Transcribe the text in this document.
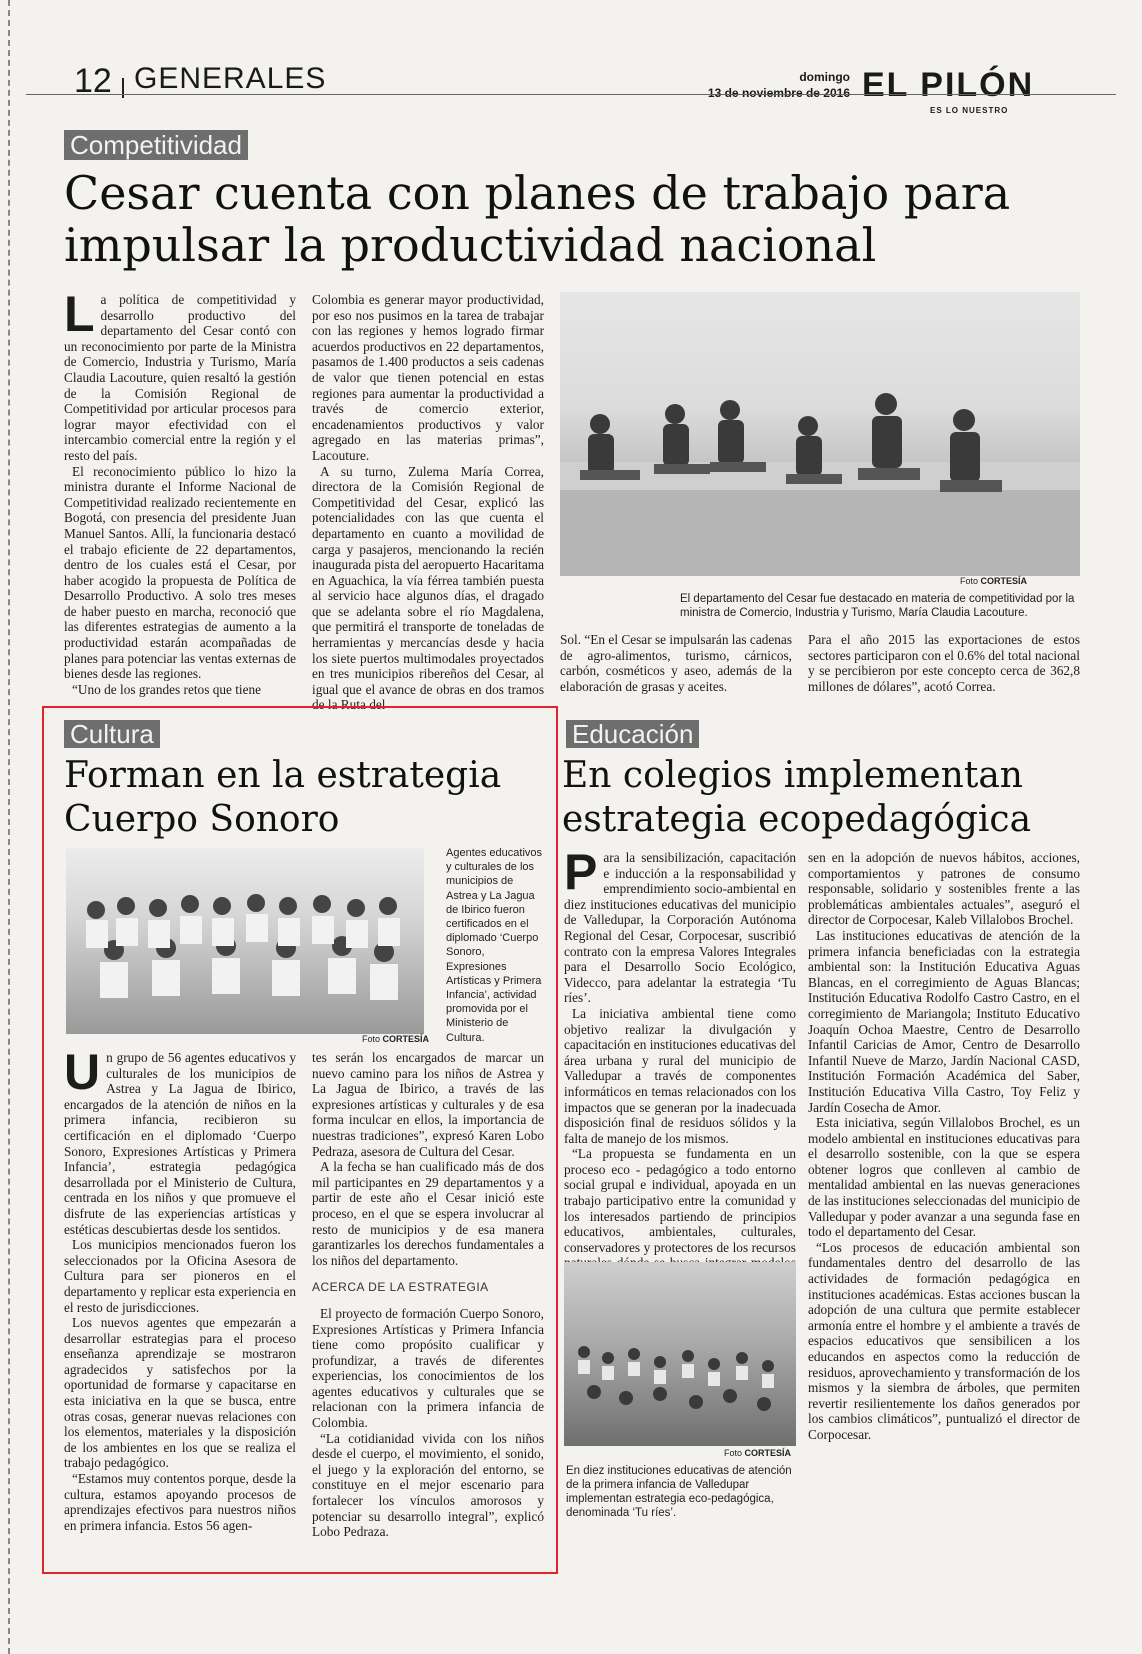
12 GENERALES	domingo
13 de noviembre de 2016 EL PILÓN
ES LO NUESTRO
Competitividad
Cesar cuenta con planes de trabajo para impulsar la productividad nacional
L a política de competitividad y desarrollo productivo del departamento del Cesar contó con un reconocimiento por parte de la Ministra de Comercio, Industria y Turismo, María Claudia Lacouture, quien resaltó la gestión de la Comisión Regional de Competitividad por articular procesos para lograr mayor efectividad con el intercambio comercial entre la región y el resto del país.

El reconocimiento público lo hizo la ministra durante el Informe Nacional de Competitividad realizado recientemente en Bogotá, con presencia del presidente Juan Manuel Santos. Allí, la funcionaria destacó el trabajo eficiente de 22 departamentos, dentro de los cuales está el Cesar, por haber acogido la propuesta de Política de Desarrollo Productivo. A solo tres meses de haber puesto en marcha, reconoció que las diferentes estrategias de aumento a la productividad estarán acompañadas de planes para potenciar las ventas externas de bienes desde las regiones.

“Uno de los grandes retos que tiene

Colombia es generar mayor productividad, por eso nos pusimos en la tarea de trabajar con las regiones y hemos logrado firmar acuerdos productivos en 22 departamentos, pasamos de 1.400 productos a seis cadenas de valor que tienen potencial en estas regiones para aumentar la productividad a través de comercio exterior, encadenamientos productivos y valor agregado en las materias primas”, Lacouture.

A su turno, Zulema María Correa, directora de la Comisión Regional de Competitividad del Cesar, explicó las potencialidades con las que cuenta el departamento en cuanto a movilidad de carga y pasajeros, mencionando la recién inaugurada pista del aeropuerto Hacaritama en Aguachica, la vía férrea también puesta al servicio hace algunos días, el dragado que se adelanta sobre el río Magdalena, que permitirá el transporte de toneladas de herramientas y mercancías desde y hacia los siete puertos multimodales proyectados en tres municipios ribereños del Cesar, al igual que el avance de obras en dos tramos de la Ruta del

Foto CORTESÍA
El departamento del Cesar fue destacado en materia de competitividad por la ministra de Comercio, Industria y Turismo, María Claudia Lacouture.

Sol. “En el Cesar se impulsarán las cadenas de agro-alimentos, turismo, cárnicos, carbón, cosméticos y aseo, además de la elaboración de grasas y aceites.

Para el año 2015 las exportaciones de estos sectores participaron con el 0.6% del total nacional y se percibieron por este concepto cerca de 362,8 millones de dólares”, acotó Correa.

Cultura
Forman en la estrategia Cuerpo Sonoro
Foto CORTESÍA
Agentes educativos y culturales de los municipios de Astrea y La Jagua de Ibirico fueron certificados en el diplomado ‘Cuerpo Sonoro, Expresiones Artísticas y Primera Infancia’, actividad promovida por el Ministerio de Cultura.
U n grupo de 56 agentes educativos y culturales de los municipios de Astrea y La Jagua de Ibirico, encargados de la atención de niños en la primera infancia, recibieron su certificación en el diplomado ‘Cuerpo Sonoro, Expresiones Artísticas y Primera Infancia’, estrategia pedagógica desarrollada por el Ministerio de Cultura, centrada en los niños y que promueve el disfrute de las experiencias artísticas y estéticas descubiertas desde los sentidos.

Los municipios mencionados fueron los seleccionados por la Oficina Asesora de Cultura para ser pioneros en el departamento y replicar esta experiencia en el resto de jurisdicciones.

Los nuevos agentes que empezarán a desarrollar estrategias para el proceso enseñanza aprendizaje se mostraron agradecidos y satisfechos por la oportunidad de formarse y capacitarse en esta iniciativa en la que se busca, entre otras cosas, generar nuevas relaciones con los elementos, materiales y la disposición de los ambientes en los que se realiza el trabajo pedagógico.

“Estamos muy contentos porque, desde la cultura, estamos apoyando procesos de aprendizajes efectivos para nuestros niños en primera infancia. Estos 56 agen-

tes serán los encargados de marcar un nuevo camino para los niños de Astrea y La Jagua de Ibirico, a través de las expresiones artísticas y culturales y de esa forma inculcar en ellos, la importancia de nuestras tradiciones”, expresó Karen Lobo Pedraza, asesora de Cultura del Cesar.

A la fecha se han cualificado más de dos mil participantes en 29 departamentos y a partir de este año el Cesar inició este proceso, en el que se espera involucrar al resto de municipios y de esa manera garantizarles los derechos fundamentales a los niños del departamento.

ACERCA DE LA ESTRATEGIA

El proyecto de formación Cuerpo Sonoro, Expresiones Artísticas y Primera Infancia tiene como propósito cualificar y profundizar, a través de diferentes experiencias, los conocimientos de los agentes educativos y culturales que se relacionan con la primera infancia de Colombia.

“La cotidianidad vivida con los niños desde el cuerpo, el movimiento, el sonido, el juego y la exploración del entorno, se constituye en el mejor escenario para fortalecer los vínculos amorosos y potenciar su desarrollo integral”, explicó Lobo Pedraza.

Educación
En colegios implementan estrategia ecopedagógica
P ara la sensibilización, capacitación e inducción a la responsabilidad y emprendimiento socio-ambiental en diez instituciones educativas del municipio de Valledupar, la Corporación Autónoma Regional del Cesar, Corpocesar, suscribió contrato con la empresa Valores Integrales para el Desarrollo Socio Ecológico, Videcco, para adelantar la estrategia ‘Tu ríes’.

La iniciativa ambiental tiene como objetivo realizar la divulgación y capacitación en instituciones educativas del área urbana y rural del municipio de Valledupar a través de componentes informáticos en temas relacionados con los impactos que se generan por la inadecuada disposición final de residuos sólidos y la falta de manejo de los mismos.

“La propuesta se fundamenta en un proceso eco - pedagógico a todo entorno social grupal e individual, apoyada en un trabajo participativo entre la comunidad y los interesados partiendo de principios educativos, ambientales, culturales, conservadores y protectores de los recursos

Foto CORTESÍA
En diez instituciones educativas de atención de la primera infancia de Valledupar implementan estrategia eco-pedagógica, denominada ‘Tu ríes’.

sen en la adopción de nuevos hábitos, acciones, comportamientos y patrones de consumo responsable, solidario y sostenibles frente a las problemáticas ambientales actuales”, aseguró el director de Corpocesar, Kaleb Villalobos Brochel.

Las instituciones educativas de atención de la primera infancia beneficiadas con la estrategia ambiental son: la Institución Educativa Aguas Blancas, en el corregimiento de Aguas Blancas; Institución Educativa Rodolfo Castro Castro, en el corregimiento de Mariangola; Instituto Educativo Joaquín Ochoa Maestre, Centro de Desarrollo Infantil Caricias de Amor, Centro de Desarrollo Infantil Nueve de Marzo, Jardín Nacional CASD, Institución Formación Académica del Saber, Institución Educativa Villa Castro, Toy Feliz y Jardín Cosecha de Amor.

Esta iniciativa, según Villalobos Brochel, es un modelo ambiental en instituciones educativas para el desarrollo sostenible, con la que se espera obtener logros que conlleven al cambio de mentalidad ambiental en las nuevas generaciones de las instituciones seleccionadas del municipio de Valledupar y poder avanzar a una segunda fase en todo el departamento del Cesar.

“Los procesos de educación ambiental son fundamentales dentro del desarrollo de las actividades de formación pedagógica en instituciones académicas. Estas acciones buscan la adopción de una cultura que permite establecer armonía entre el hombre y el ambiente a través de espacios educativos que sensibilicen a los educandos en aspectos como la reducción de residuos, aprovechamiento y transformación de los mismos y la siembra de árboles, que permiten revertir resilientemente los daños generados por los cambios climáticos”, puntualizó el director de Corpocesar.
